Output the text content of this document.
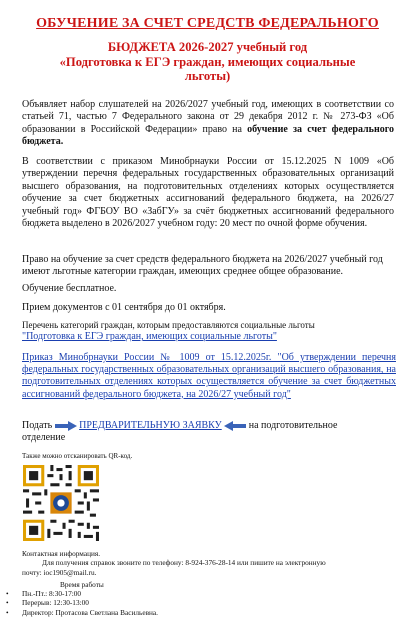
ОБУЧЕНИЕ ЗА СЧЕТ СРЕДСТВ ФЕДЕРАЛЬНОГО
БЮДЖЕТА 2026-2027 учебный год
«Подготовка к ЕГЭ граждан, имеющих социальные
льготы)
Объявляет набор слушателей на 2026/2027 учебный год, имеющих в соответствии со статьей 71, частью 7 Федерального закона от 29 декабря 2012 г. № 273-ФЗ «Об образовании в Российской Федерации» право на обучение за счет федерального бюджета.
В соответствии с приказом Минобрнауки России от 15.12.2025 N 1009 «Об утверждении перечня федеральных государственных образовательных организаций высшего образования, на подготовительных отделениях которых осуществляется обучение за счет бюджетных ассигнований федерального бюджета, на 2026/27 учебный год» ФГБОУ ВО «ЗабГУ» за счёт бюджетных ассигнований федерального бюджета выделено в 2026/2027 учебном году: 20 мест по очной форме обучения.
Право на обучение за счет средств федерального бюджета на 2026/2027 учебный год имеют льготные категории граждан, имеющих среднее общее образование.
Обучение бесплатное.
Прием документов с 01 сентября до 01 октября.
Перечень категорий граждан, которым предоставляются социальные льготы
"Подготовка к ЕГЭ граждан, имеющих социальные льготы"
Приказ Минобрнауки России № 1009 от 15.12.2025г. "Об утверждении перечня федеральных государственных образовательных организаций высшего образования, на подготовительных отделениях которых осуществляется обучение за счет бюджетных ассигнований федерального бюджета, на 2026/27 учебный год"
Подать	ПРЕДВАРИТЕЛЬНУЮ ЗАЯВКУ	на подготовительное
отделение
Также можно отсканировать QR-код.
Контактная информация.
Для получения справок звоните по телефону: 8-924-376-28-14 или пишите на электронную
почту: ioc1905@mail.ru.
Время работы
•	Пн.-Пт.: 8:30-17:00
•	Перерыв: 12:30-13:00
•	Директор: Протасова Светлана Васильевна.
